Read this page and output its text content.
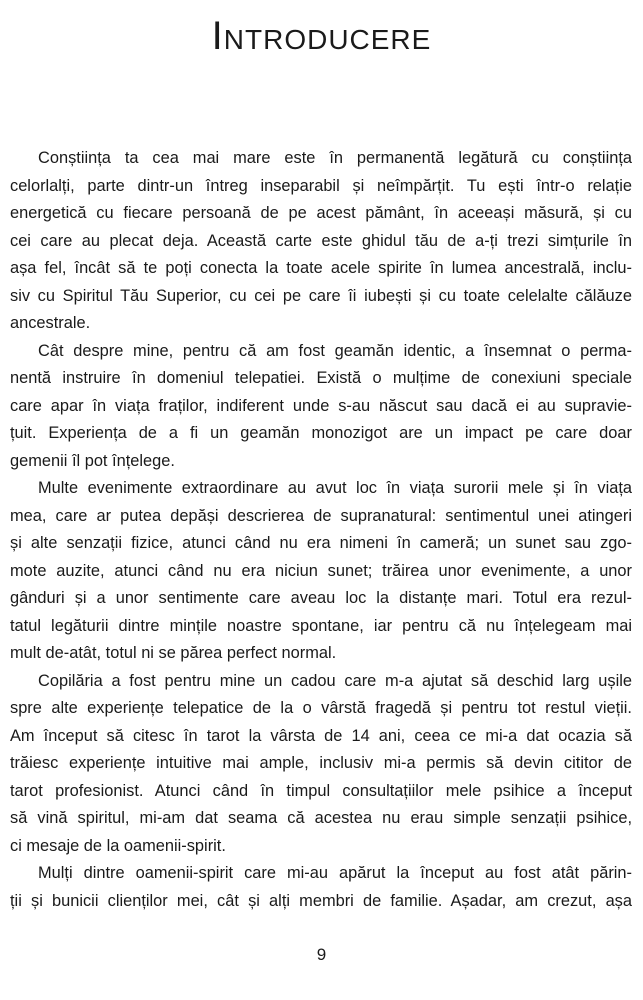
Introducere
Conștiința ta cea mai mare este în permanentă legătură cu conștiința
celorlalți, parte dintr-un întreg inseparabil și neîmpărțit. Tu ești într-o relație
energetică cu fiecare persoană de pe acest pământ, în aceeași măsură, și cu
cei care au plecat deja. Această carte este ghidul tău de a-ți trezi simțurile în
așa fel, încât să te poți conecta la toate acele spirite în lumea ancestrală, inclu-
siv cu Spiritul Tău Superior, cu cei pe care îi iubești și cu toate celelalte călăuze
ancestrale.
Cât despre mine, pentru că am fost geamăn identic, a însemnat o perma-
nentă instruire în domeniul telepatiei. Există o mulțime de conexiuni speciale
care apar în viața fraților, indiferent unde s-au născut sau dacă ei au supravie-
țuit. Experiența de a fi un geamăn monozigot are un impact pe care doar
gemenii îl pot înțelege.
Multe evenimente extraordinare au avut loc în viața surorii mele și în viața
mea, care ar putea depăși descrierea de supranatural: sentimentul unei atingeri
și alte senzații fizice, atunci când nu era nimeni în cameră; un sunet sau zgo-
mote auzite, atunci când nu era niciun sunet; trăirea unor evenimente, a unor
gânduri și a unor sentimente care aveau loc la distanțe mari. Totul era rezul-
tatul legăturii dintre mințile noastre spontane, iar pentru că nu înțelegeam mai
mult de-atât, totul ni se părea perfect normal.
Copilăria a fost pentru mine un cadou care m-a ajutat să deschid larg ușile
spre alte experiențe telepatice de la o vârstă fragedă și pentru tot restul vieții.
Am început să citesc în tarot la vârsta de 14 ani, ceea ce mi-a dat ocazia să
trăiesc experiențe intuitive mai ample, inclusiv mi-a permis să devin cititor de
tarot profesionist. Atunci când în timpul consultațiilor mele psihice a început
să vină spiritul, mi-am dat seama că acestea nu erau simple senzații psihice,
ci mesaje de la oamenii-spirit.
Mulți dintre oamenii-spirit care mi-au apărut la început au fost atât părin-
ții și bunicii clienților mei, cât și alți membri de familie. Așadar, am crezut, așa
9
